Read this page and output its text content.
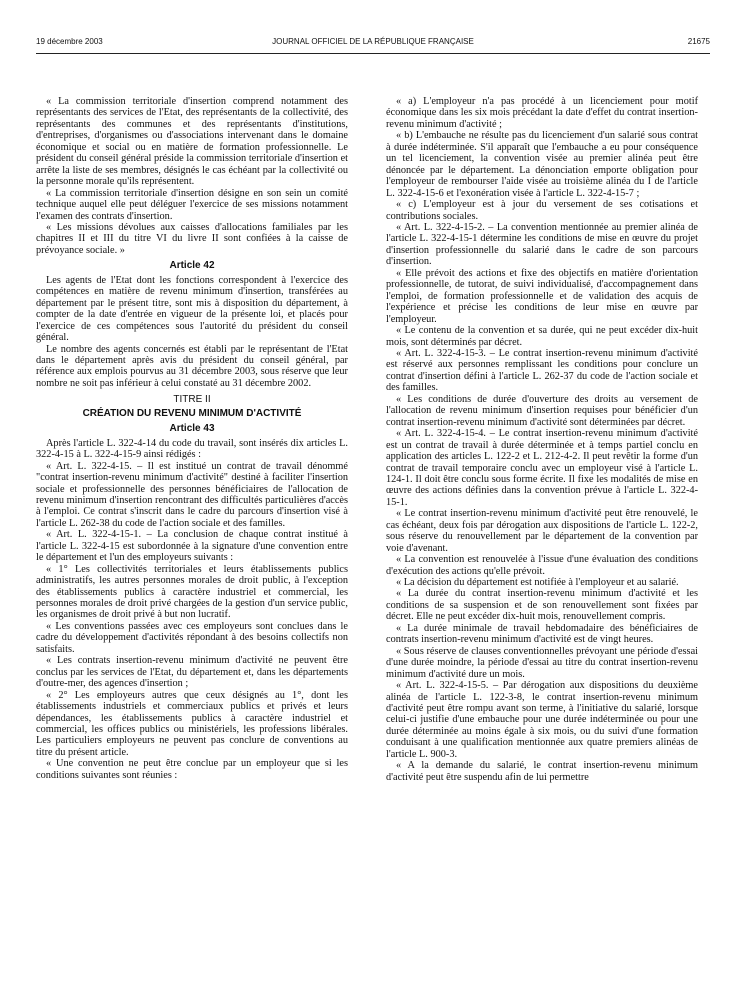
19 décembre 2003	JOURNAL OFFICIEL DE LA RÉPUBLIQUE FRANÇAISE	21675

« La commission territoriale d'insertion comprend notamment des représentants des services de l'Etat, des représentants de la collectivité, des représentants des communes et des représentants d'institutions, d'entreprises, d'organismes ou d'associations intervenant dans le domaine économique et social ou en matière de formation professionnelle. Le président du conseil général préside la commission territoriale d'insertion et arrête la liste de ses membres, désignés le cas échéant par la collectivité ou la personne morale qu'ils représentent.

« La commission territoriale d'insertion désigne en son sein un comité technique auquel elle peut déléguer l'exercice de ses missions notamment l'examen des contrats d'insertion.

« Les missions dévolues aux caisses d'allocations familiales par les chapitres II et III du titre VI du livre II sont confiées à la caisse de prévoyance sociale. »

Article 42

Les agents de l'Etat dont les fonctions correspondent à l'exercice des compétences en matière de revenu minimum d'insertion, transférées au département par le présent titre, sont mis à disposition du département, à compter de la date d'entrée en vigueur de la présente loi, et placés pour l'exercice de ces compétences sous l'autorité du président du conseil général.

Le nombre des agents concernés est établi par le représentant de l'Etat dans le département après avis du président du conseil général, par référence aux emplois pourvus au 31 décembre 2003, sous réserve que leur nombre ne soit pas inférieur à celui constaté au 31 décembre 2002.

TITRE II
CRÉATION DU REVENU MINIMUM D'ACTIVITÉ
Article 43

Après l'article L. 322-4-14 du code du travail, sont insérés dix articles L. 322-4-15 à L. 322-4-15-9 ainsi rédigés :

« Art. L. 322-4-15. – Il est institué un contrat de travail dénommé "contrat insertion-revenu minimum d'activité" destiné à faciliter l'insertion sociale et professionnelle des personnes bénéficiaires de l'allocation de revenu minimum d'insertion rencontrant des difficultés particulières d'accès à l'emploi. Ce contrat s'inscrit dans le cadre du parcours d'insertion visé à l'article L. 262-38 du code de l'action sociale et des familles.

« Art. L. 322-4-15-1. – La conclusion de chaque contrat institué à l'article L. 322-4-15 est subordonnée à la signature d'une convention entre le département et l'un des employeurs suivants :

« 1° Les collectivités territoriales et leurs établissements publics administratifs, les autres personnes morales de droit public, à l'exception des établissements publics à caractère industriel et commercial, les personnes morales de droit privé chargées de la gestion d'un service public, les organismes de droit privé à but non lucratif.

« Les conventions passées avec ces employeurs sont conclues dans le cadre du développement d'activités répondant à des besoins collectifs non satisfaits.

« Les contrats insertion-revenu minimum d'activité ne peuvent être conclus par les services de l'Etat, du département et, dans les départements d'outre-mer, des agences d'insertion ;

« 2° Les employeurs autres que ceux désignés au 1°, dont les établissements industriels et commerciaux publics et privés et leurs dépendances, les établissements publics à caractère industriel et commercial, les offices publics ou ministériels, les professions libérales. Les particuliers employeurs ne peuvent pas conclure de conventions au titre du présent article.

« Une convention ne peut être conclue par un employeur que si les conditions suivantes sont réunies :

« a) L'employeur n'a pas procédé à un licenciement pour motif économique dans les six mois précédant la date d'effet du contrat insertion-revenu minimum d'activité ;

« b) L'embauche ne résulte pas du licenciement d'un salarié sous contrat à durée indéterminée. S'il apparaît que l'embauche a eu pour conséquence un tel licenciement, la convention visée au premier alinéa peut être dénoncée par le département. La dénonciation emporte obligation pour l'employeur de rembourser l'aide visée au troisième alinéa du I de l'article L. 322-4-15-6 et l'exonération visée à l'article L. 322-4-15-7 ;

« c) L'employeur est à jour du versement de ses cotisations et contributions sociales.

« Art. L. 322-4-15-2. – La convention mentionnée au premier alinéa de l'article L. 322-4-15-1 détermine les conditions de mise en œuvre du projet d'insertion professionnelle du salarié dans le cadre de son parcours d'insertion.

« Elle prévoit des actions et fixe des objectifs en matière d'orientation professionnelle, de tutorat, de suivi individualisé, d'accompagnement dans l'emploi, de formation professionnelle et de validation des acquis de l'expérience et précise les conditions de leur mise en œuvre par l'employeur.

« Le contenu de la convention et sa durée, qui ne peut excéder dix-huit mois, sont déterminés par décret.

« Art. L. 322-4-15-3. – Le contrat insertion-revenu minimum d'activité est réservé aux personnes remplissant les conditions pour conclure un contrat d'insertion défini à l'article L. 262-37 du code de l'action sociale et des familles.

« Les conditions de durée d'ouverture des droits au versement de l'allocation de revenu minimum d'insertion requises pour bénéficier d'un contrat insertion-revenu minimum d'activité sont déterminées par décret.

« Art. L. 322-4-15-4. – Le contrat insertion-revenu minimum d'activité est un contrat de travail à durée déterminée et à temps partiel conclu en application des articles L. 122-2 et L. 212-4-2. Il peut revêtir la forme d'un contrat de travail temporaire conclu avec un employeur visé à l'article L. 124-1. Il doit être conclu sous forme écrite. Il fixe les modalités de mise en œuvre des actions définies dans la convention prévue à l'article L. 322-4-15-1.

« Le contrat insertion-revenu minimum d'activité peut être renouvelé, le cas échéant, deux fois par dérogation aux dispositions de l'article L. 122-2, sous réserve du renouvellement par le département de la convention par voie d'avenant.

« La convention est renouvelée à l'issue d'une évaluation des conditions d'exécution des actions qu'elle prévoit.

« La décision du département est notifiée à l'employeur et au salarié.

« La durée du contrat insertion-revenu minimum d'activité et les conditions de sa suspension et de son renouvellement sont fixées par décret. Elle ne peut excéder dix-huit mois, renouvellement compris.

« La durée minimale de travail hebdomadaire des bénéficiaires de contrats insertion-revenu minimum d'activité est de vingt heures.

« Sous réserve de clauses conventionnelles prévoyant une période d'essai d'une durée moindre, la période d'essai au titre du contrat insertion-revenu minimum d'activité dure un mois.

« Art. L. 322-4-15-5. – Par dérogation aux dispositions du deuxième alinéa de l'article L. 122-3-8, le contrat insertion-revenu minimum d'activité peut être rompu avant son terme, à l'initiative du salarié, lorsque celui-ci justifie d'une embauche pour une durée indéterminée ou pour une durée déterminée au moins égale à six mois, ou du suivi d'une formation conduisant à une qualification mentionnée aux quatre premiers alinéas de l'article L. 900-3.

« A la demande du salarié, le contrat insertion-revenu minimum d'activité peut être suspendu afin de lui permettre
